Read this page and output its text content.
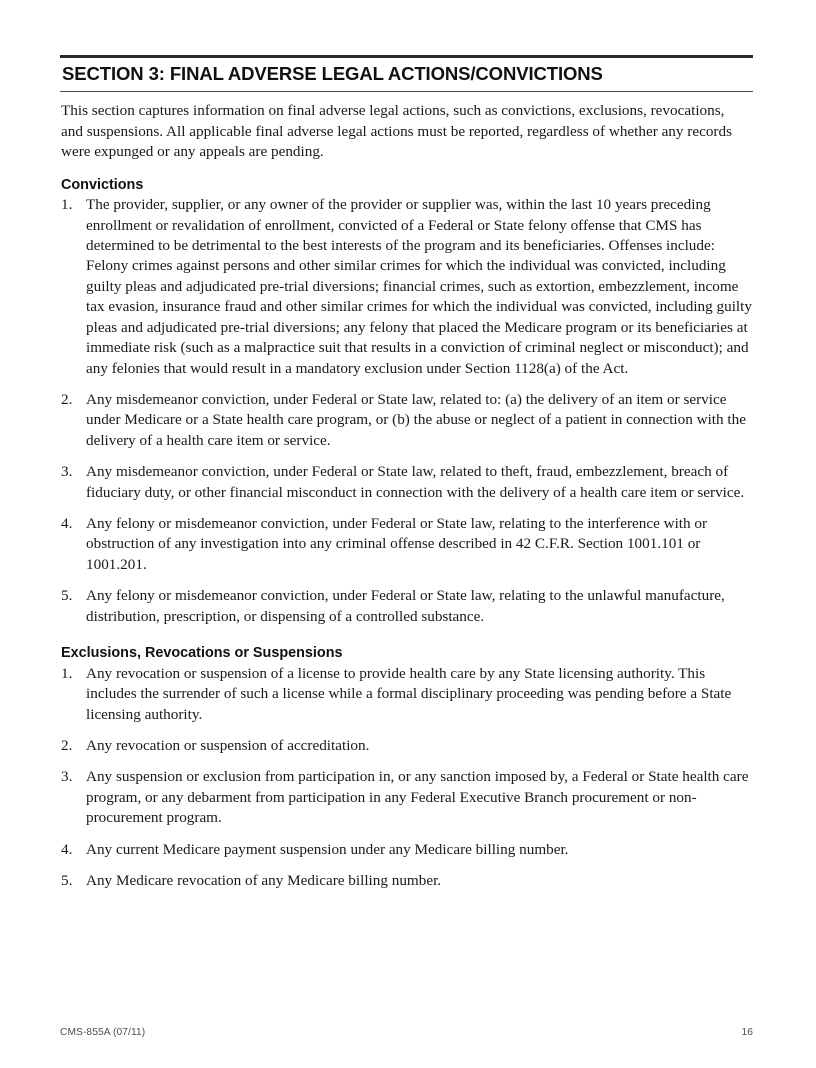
SECTION 3: FINAL ADVERSE LEGAL ACTIONS/CONVICTIONS

This section captures information on final adverse legal actions, such as convictions, exclusions, revocations, and suspensions. All applicable final adverse legal actions must be reported, regardless of whether any records were expunged or any appeals are pending.

Convictions
1. The provider, supplier, or any owner of the provider or supplier was, within the last 10 years preceding enrollment or revalidation of enrollment, convicted of a Federal or State felony offense that CMS has determined to be detrimental to the best interests of the program and its beneficiaries. Offenses include: Felony crimes against persons and other similar crimes for which the individual was convicted, including guilty pleas and adjudicated pre-trial diversions; financial crimes, such as extortion, embezzlement, income tax evasion, insurance fraud and other similar crimes for which the individual was convicted, including guilty pleas and adjudicated pre-trial diversions; any felony that placed the Medicare program or its beneficiaries at immediate risk (such as a malpractice suit that results in a conviction of criminal neglect or misconduct); and any felonies that would result in a mandatory exclusion under Section 1128(a) of the Act.
2. Any misdemeanor conviction, under Federal or State law, related to: (a) the delivery of an item or service under Medicare or a State health care program, or (b) the abuse or neglect of a patient in connection with the delivery of a health care item or service.
3. Any misdemeanor conviction, under Federal or State law, related to theft, fraud, embezzlement, breach of fiduciary duty, or other financial misconduct in connection with the delivery of a health care item or service.
4. Any felony or misdemeanor conviction, under Federal or State law, relating to the interference with or obstruction of any investigation into any criminal offense described in 42 C.F.R. Section 1001.101 or 1001.201.
5. Any felony or misdemeanor conviction, under Federal or State law, relating to the unlawful manufacture, distribution, prescription, or dispensing of a controlled substance.
Exclusions, Revocations or Suspensions
1. Any revocation or suspension of a license to provide health care by any State licensing authority. This includes the surrender of such a license while a formal disciplinary proceeding was pending before a State licensing authority.
2. Any revocation or suspension of accreditation.
3. Any suspension or exclusion from participation in, or any sanction imposed by, a Federal or State health care program, or any debarment from participation in any Federal Executive Branch procurement or non-procurement program.
4. Any current Medicare payment suspension under any Medicare billing number.
5. Any Medicare revocation of any Medicare billing number.
CMS-855A (07/11)	16
